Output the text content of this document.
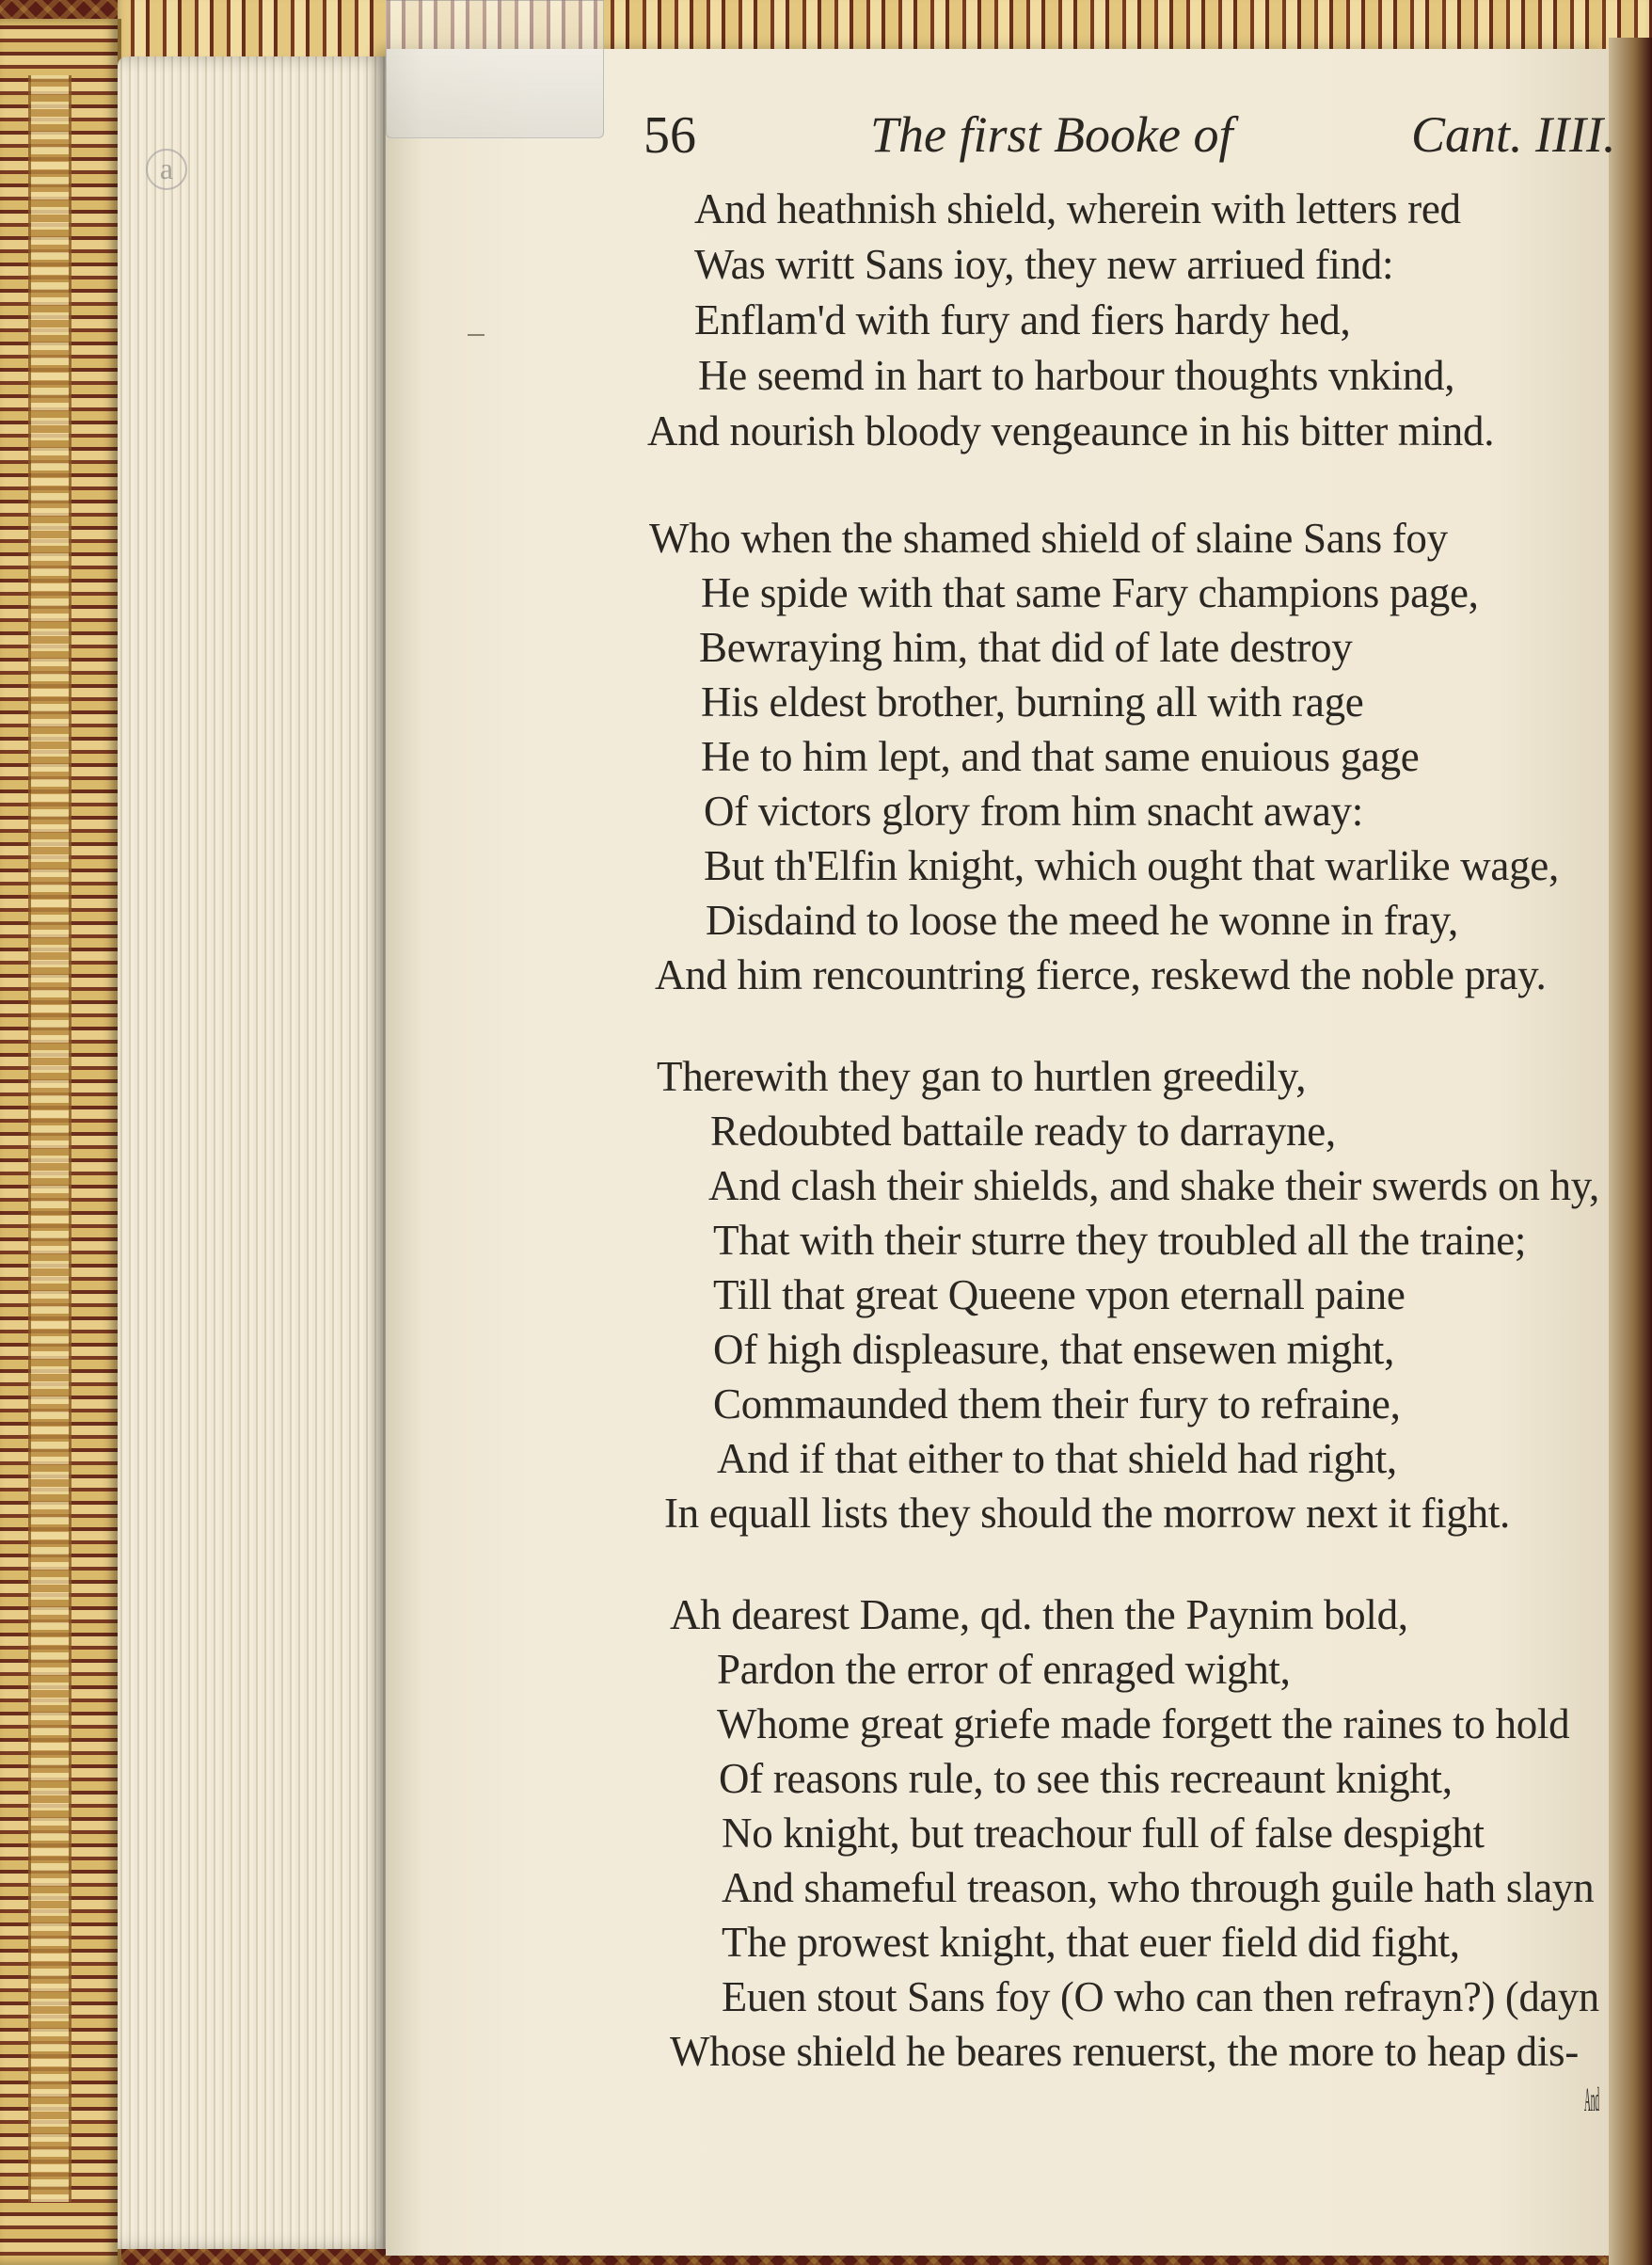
a
56	The first Booke of	Cant. IIII.
And heathnish shield, wherein with letters red
Was writt Sans ioy, they new arriued find:
Enflam'd with fury and fiers hardy hed,
He seemd in hart to harbour thoughts vnkind,
And nourish bloody vengeaunce in his bitter mind.
Who when the shamed shield of slaine Sans foy
He spide with that same Fary champions page,
Bewraying him, that did of late destroy
His eldest brother, burning all with rage
He to him lept, and that same enuious gage
Of victors glory from him snacht away:
But th'Elfin knight, which ought that warlike wage,
Disdaind to loose the meed he wonne in fray,
And him rencountring fierce, reskewd the noble pray.
Therewith they gan to hurtlen greedily,
Redoubted battaile ready to darrayne,
And clash their shields, and shake their swerds on hy,
That with their sturre they troubled all the traine;
Till that great Queene vpon eternall paine
Of high displeasure, that ensewen might,
Commaunded them their fury to refraine,
And if that either to that shield had right,
In equall lists they should the morrow next it fight.
Ah dearest Dame, qd. then the Paynim bold,
Pardon the error of enraged wight,
Whome great griefe made forgett the raines to hold
Of reasons rule, to see this recreaunt knight,
No knight, but treachour full of false despight
And shameful treason, who through guile hath slayn
The prowest knight, that euer field did fight,
Euen stout Sans foy (O who can then refrayn?) (dayn
Whose shield he beares renuerst, the more to heap dis-
And
